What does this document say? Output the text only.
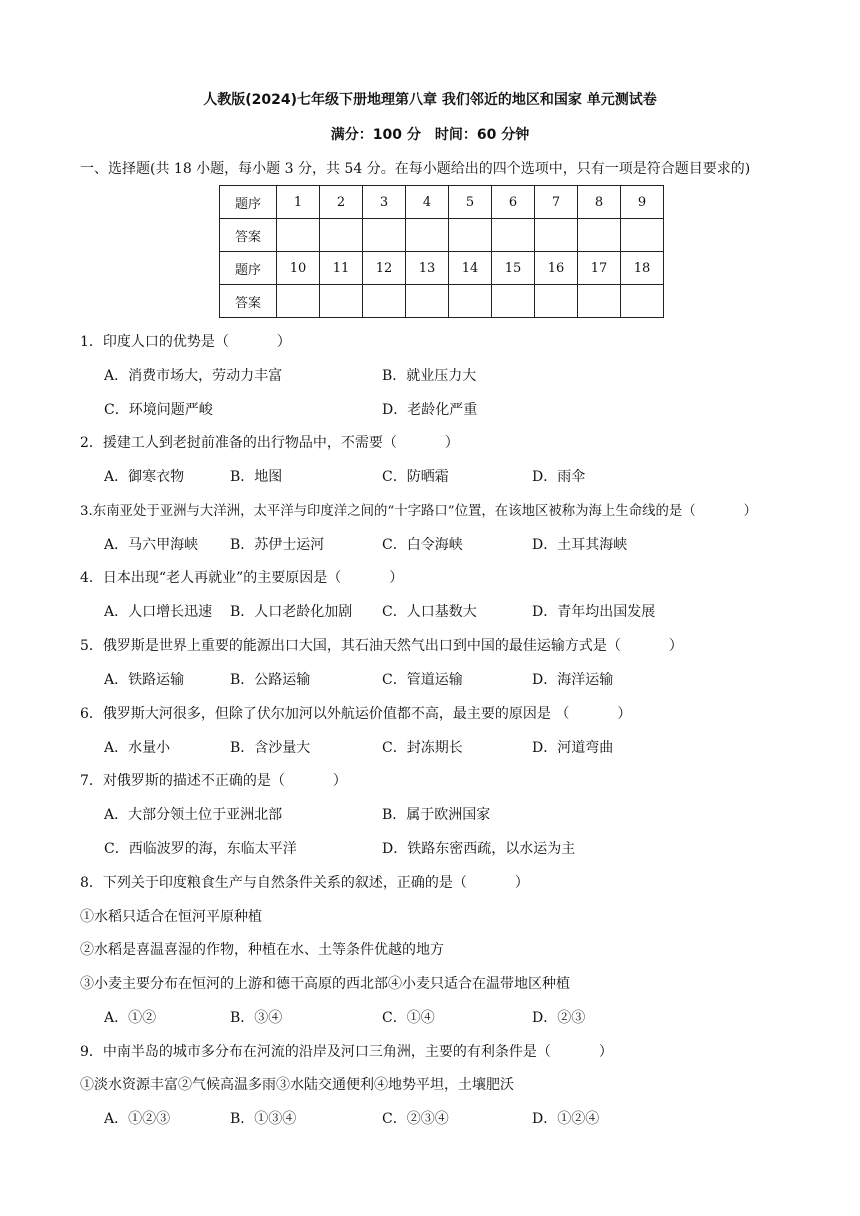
人教版(2024)七年级下册地理第八章 我们邻近的地区和国家 单元测试卷
满分：100 分　时间：60 分钟
一、选择题(共 18 小题，每小题 3 分，共 54 分。在每小题给出的四个选项中，只有一项是符合题目要求的)
题序	1	2	3	4	5	6	7	8	9
答案									
题序	10	11	12	13	14	15	16	17	18
答案									
1．印度人口的优势是（	）
A．消费市场大，劳动力丰富	B．就业压力大
C．环境问题严峻	D．老龄化严重
2．援建工人到老挝前准备的出行物品中，不需要（	）
A．御寒衣物	B．地图	C．防晒霜	D．雨伞
3.东南亚处于亚洲与大洋洲，太平洋与印度洋之间的“十字路口”位置，在该地区被称为海上生命线的是（	）
A．马六甲海峡 B．苏伊士运河	C．白令海峡	D．土耳其海峡
4．日本出现“老人再就业”的主要原因是（	）
A．人口增长迅速 B．人口老龄化加剧 C．人口基数大	D．青年均出国发展
5．俄罗斯是世界上重要的能源出口大国，其石油天然气出口到中国的最佳运输方式是（	）
A．铁路运输	B．公路运输	C．管道运输	D．海洋运输
6．俄罗斯大河很多，但除了伏尔加河以外航运价值都不高，最主要的原因是 （	）
A．水量小	B．含沙量大	C．封冻期长	D．河道弯曲
7．对俄罗斯的描述不正确的是（	）
A．大部分领土位于亚洲北部	B．属于欧洲国家
C．西临波罗的海，东临太平洋	D．铁路东密西疏，以水运为主
8．下列关于印度粮食生产与自然条件关系的叙述，正确的是（	）
①水稻只适合在恒河平原种植
②水稻是喜温喜湿的作物，种植在水、土等条件优越的地方
③小麦主要分布在恒河的上游和德干高原的西北部④小麦只适合在温带地区种植
A．①②	B．③④	C．①④	D．②③
9．中南半岛的城市多分布在河流的沿岸及河口三角洲，主要的有利条件是（	）
①淡水资源丰富②气候高温多雨③水陆交通便利④地势平坦，土壤肥沃
A．①②③	B．①③④	C．②③④	D．①②④
